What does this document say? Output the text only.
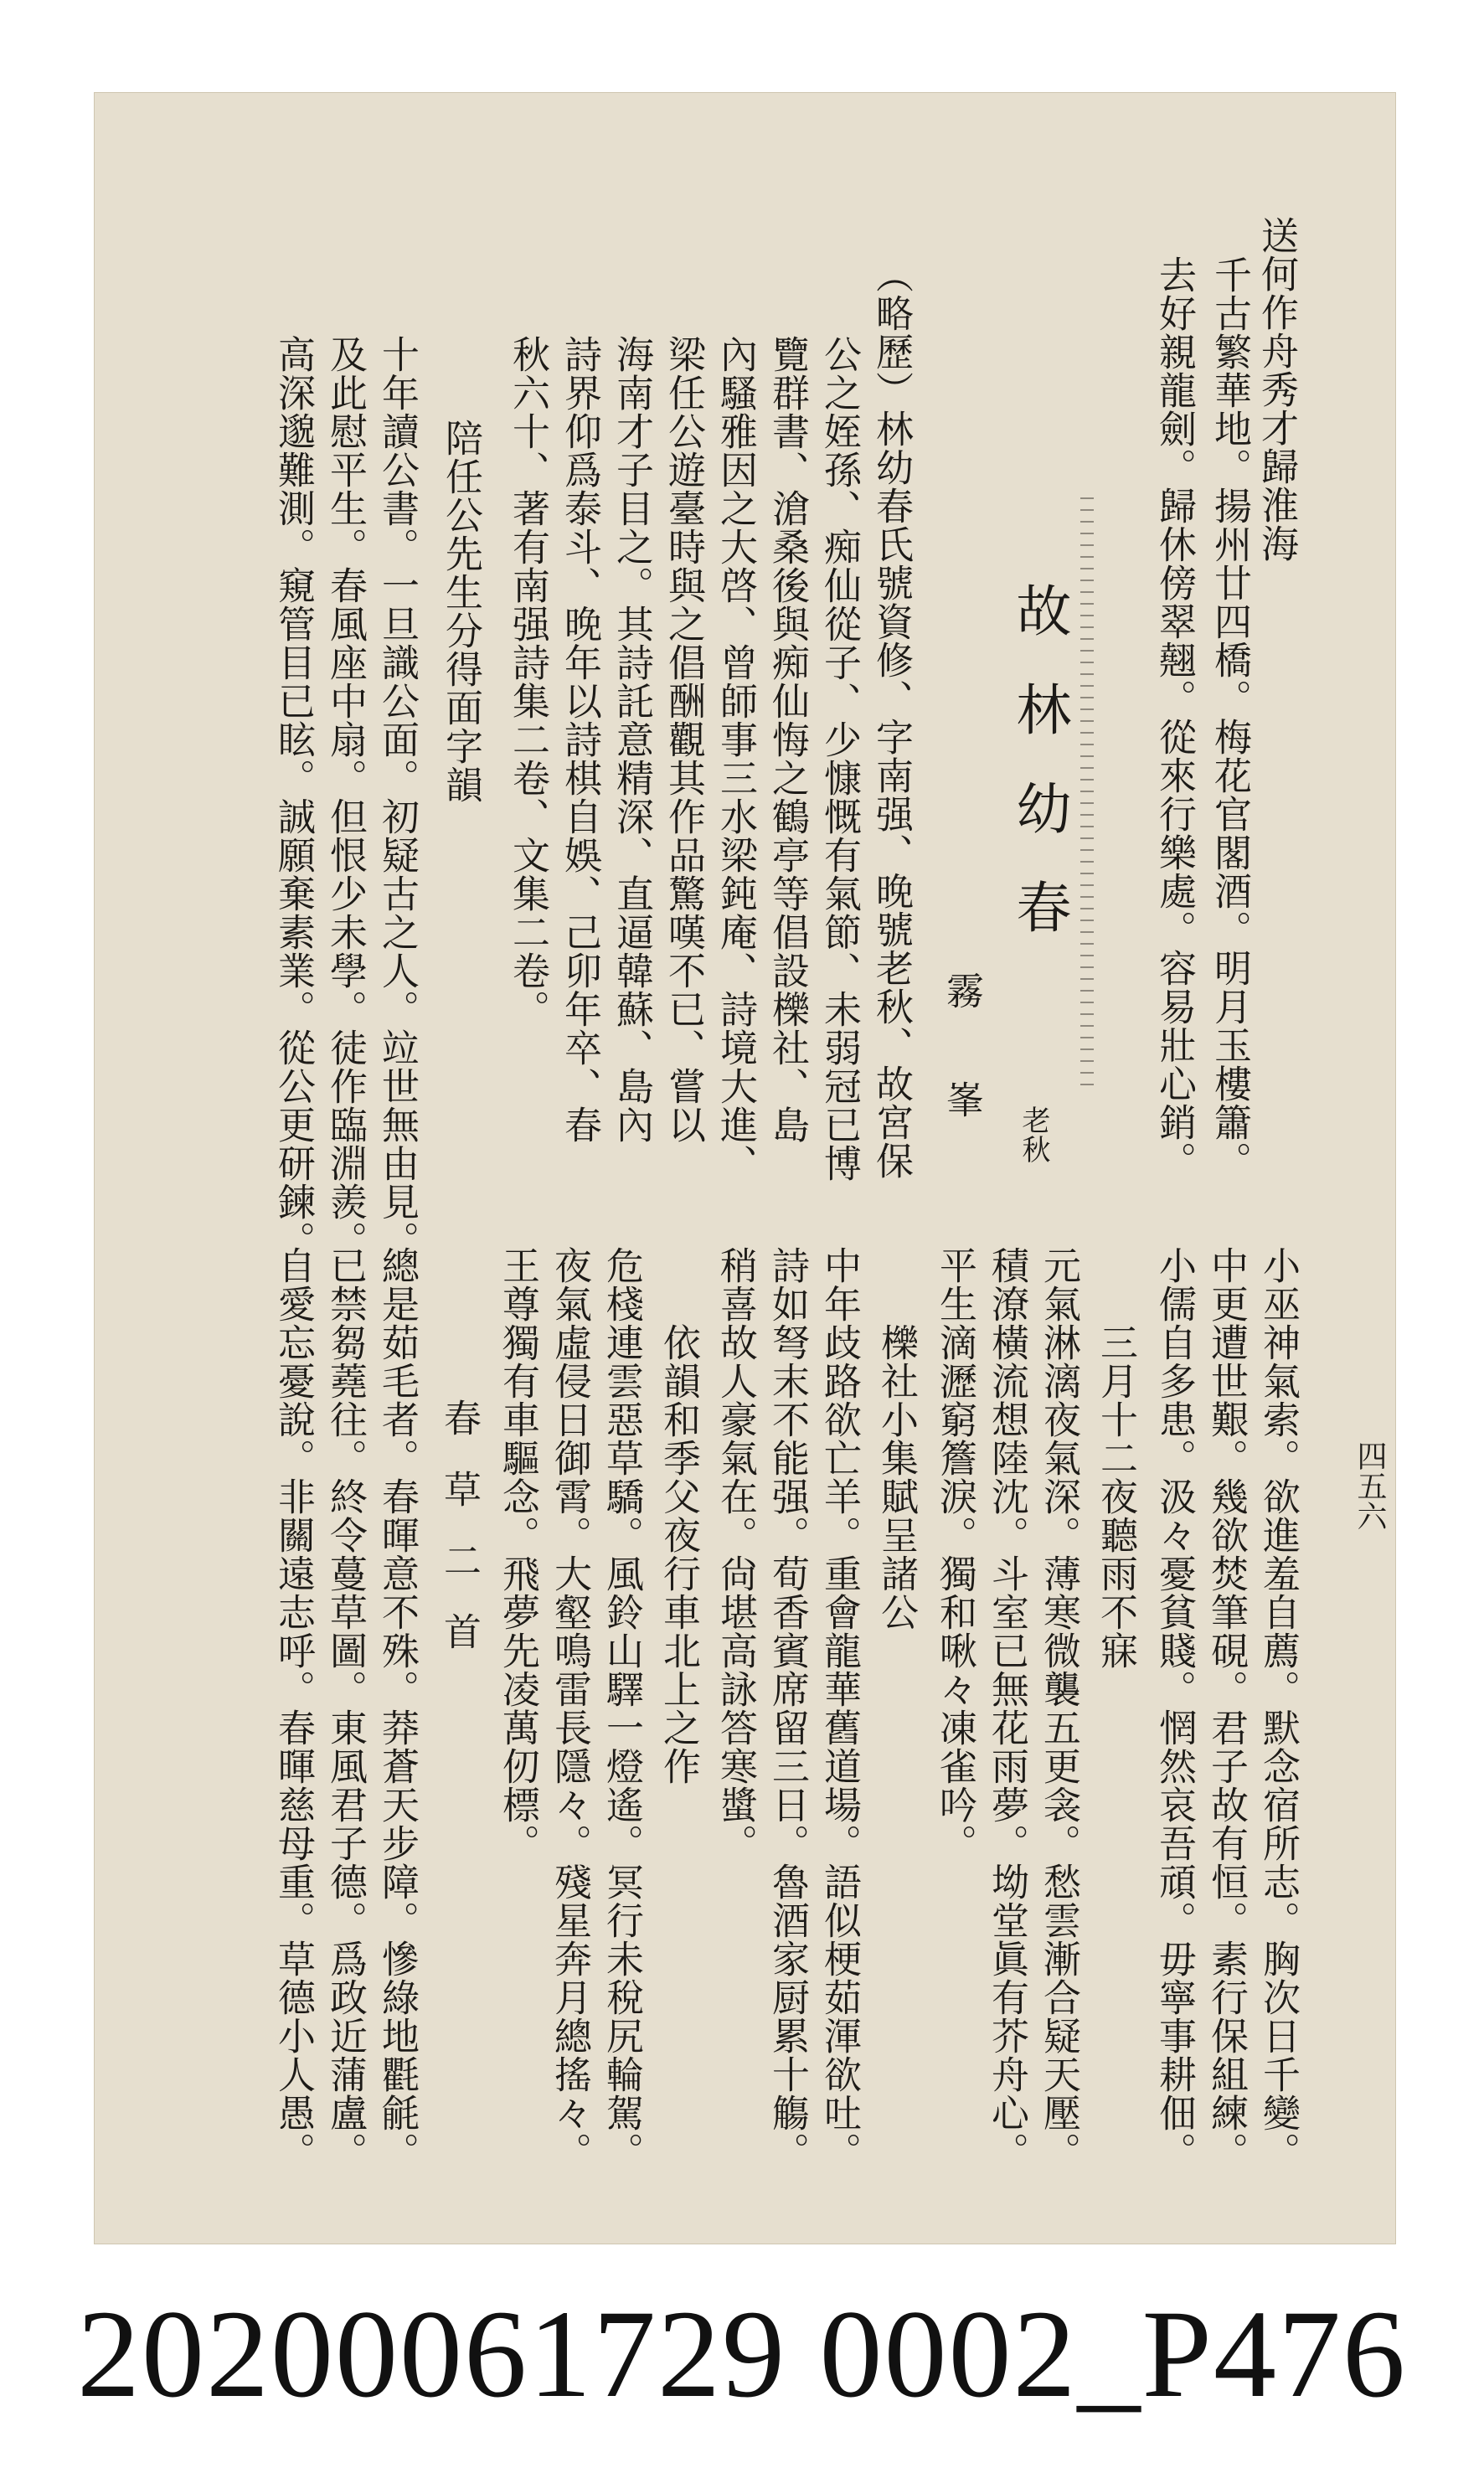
四五六
送何作舟秀才歸淮海
千古繁華地。揚州廿四橋。梅花官閣酒。明月玉樓簫。
去好親龍劍。歸休傍翠翹。從來行樂處。容易壯心銷。
故林幼春
老秋
霧峯
（略歷）林幼春氏號資修、字南强、晚號老秋、故宮保
公之姪孫、痴仙從子、少慷慨有氣節、未弱冠已博
覽群書、滄桑後與痴仙悔之鶴亭等倡設櫟社、島
內騷雅因之大啓、曾師事三水梁鈍庵、詩境大進、
梁任公遊臺時與之倡酬觀其作品驚嘆不已、嘗以
海南才子目之。其詩託意精深、直逼韓蘇、島內
詩界仰爲泰斗、晚年以詩棋自娛、己卯年卒、春
秋六十、著有南强詩集二卷、文集二卷。
陪任公先生分得面字韻
十年讀公書。一旦識公面。初疑古之人。竝世無由見。
及此慰平生。春風座中扇。但恨少未學。徒作臨淵羨。
高深邈難測。窺管目已眩。誠願棄素業。從公更研鍊。
小巫神氣索。欲進羞自薦。默念宿所志。胸次日千變。
中更遭世艱。幾欲焚筆硯。君子故有恒。素行保組練。
小儒自多患。汲々憂貧賤。惘然哀吾頑。毋寧事耕佃。
三月十二夜聽雨不寐
元氣淋漓夜氣深。薄寒微襲五更衾。愁雲漸合疑天壓。
積潦橫流想陸沈。斗室已無花雨夢。坳堂眞有芥舟心。
平生滴瀝窮簷淚。獨和啾々凍雀吟。
櫟社小集賦呈諸公
中年歧路欲亡羊。重會龍華舊道場。語似梗茹渾欲吐。
詩如弩末不能强。荀香賓席留三日。魯酒家厨累十觴。
稍喜故人豪氣在。尙堪高詠答寒螿。
依韻和季父夜行車北上之作
危棧連雲惡草驕。風鈴山驛一燈遙。冥行未稅尻輪駕。
夜氣虛侵日御霄。大壑鳴雷長隱々。殘星奔月總搖々。
王尊獨有車驅念。飛夢先凌萬仞標。
春草二首
總是茹毛者。春暉意不殊。莽蒼天步障。慘綠地氍毹。
已禁芻蕘往。終令蔓草圖。東風君子德。爲政近蒲盧。
自愛忘憂說。非關遠志呼。春暉慈母重。草德小人愚。
20200061729 0002_P476
